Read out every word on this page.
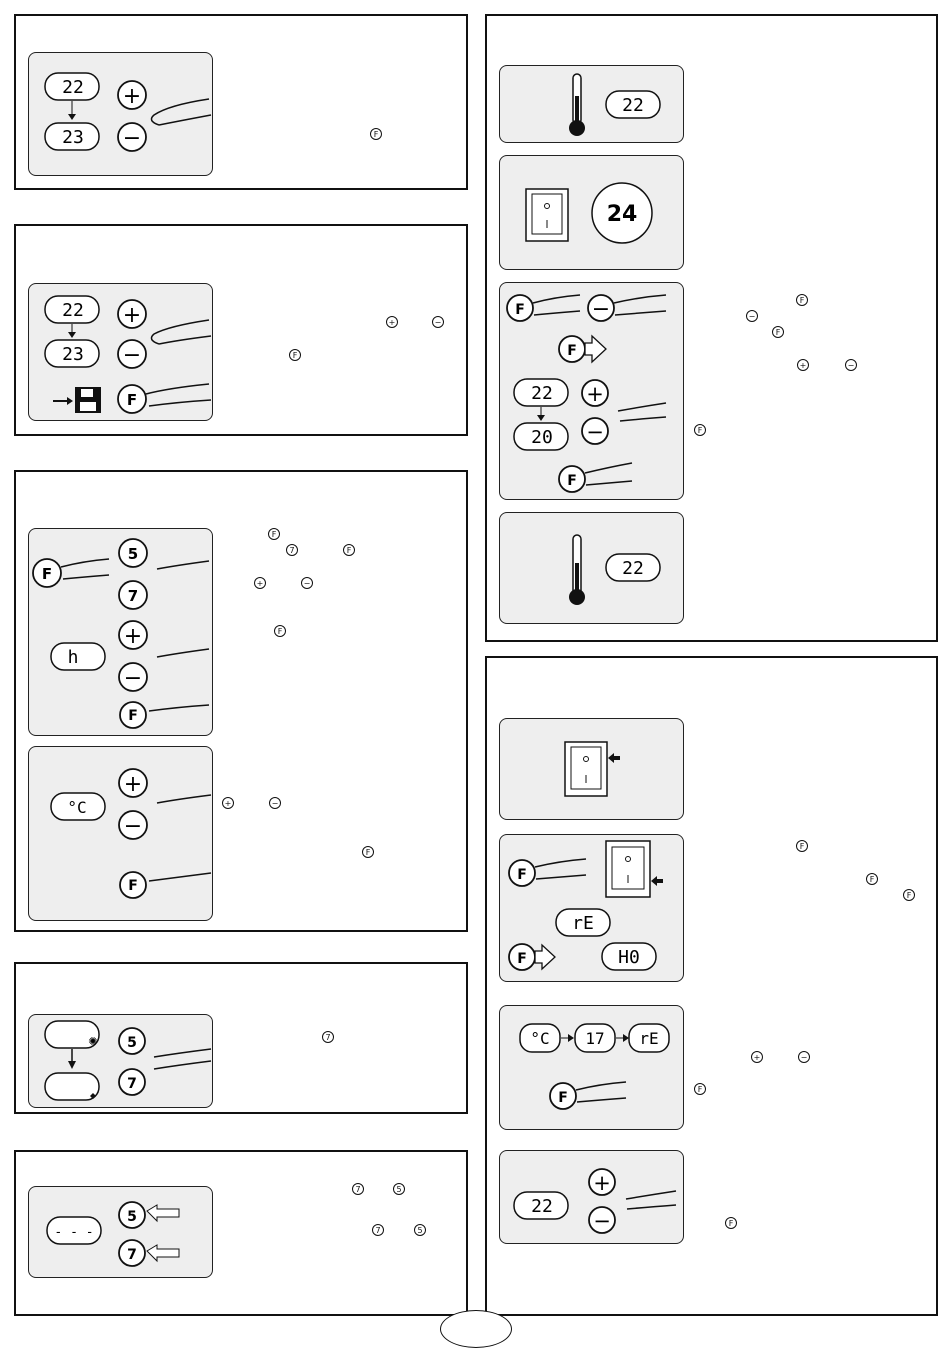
22
23
+
−	F
22
23
+
−
F
+	−
F
F
5
7
h
+
−
F
°C
+
−
F
F
7	F
+	−
F
+	−
F
✺ 5
7
7
- - -
5
7
7	5
7	5
22
24
F	−
F
22
20
+
−
F
22
F
−
F
+	−
F
F
rE
F	H0
°C 17 rE
F
22
+
−
F
F
F
+	−
F
F
